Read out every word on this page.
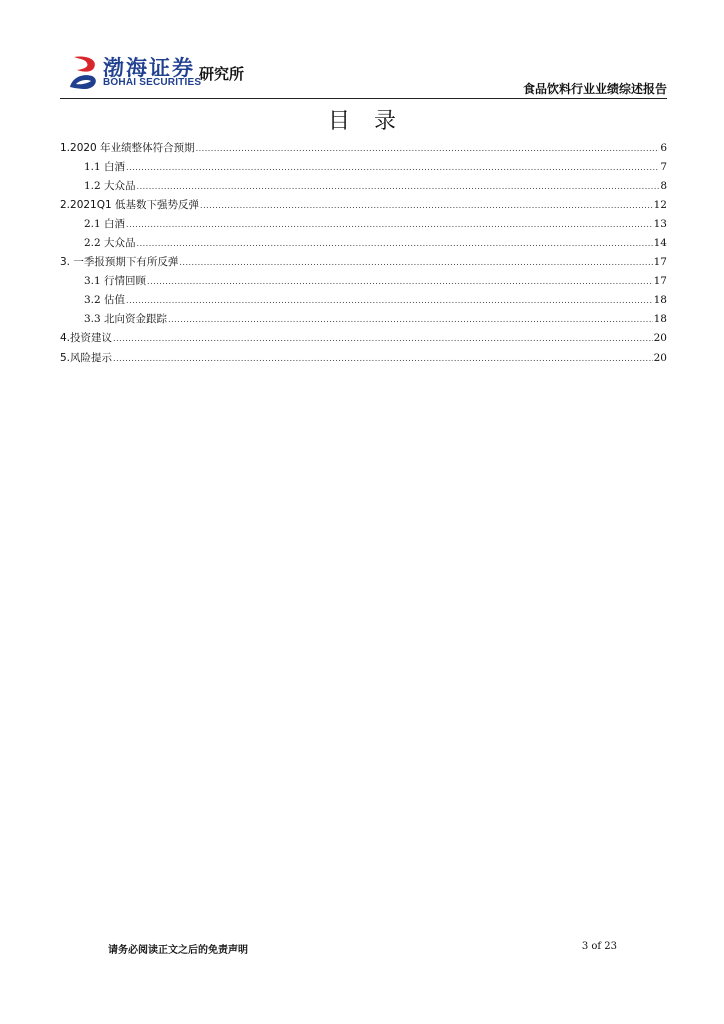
渤海证券
BOHAI SECURITIES
研究所
食品饮料行业业绩综述报告
目录
1.2020 年业绩整体符合预期 .....	6
1.1 白酒 .....	7
1.2 大众品 .....	8
2.2021Q1 低基数下强势反弹 .....	12
2.1 白酒 .....	13
2.2 大众品 .....	14
3. 一季报预期下有所反弹 .....	17
3.1 行情回顾 .....	17
3.2 估值 .....	18
3.3 北向资金跟踪 .....	18
4.投资建议 .....	20
5.风险提示 .....	20
请务必阅读正文之后的免责声明	3 of 23
